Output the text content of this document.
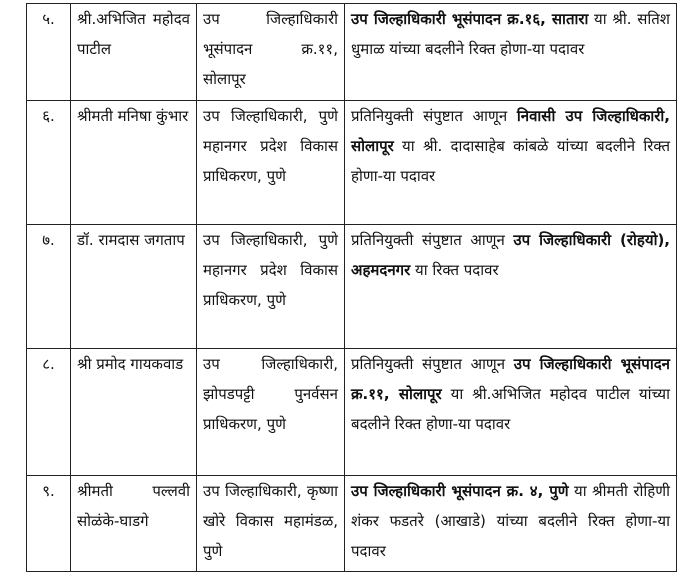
५.	श्री.अभिजित महोदव पाटील	उप जिल्हाधिकारी भूसंपादन क्र.११, सोलापूर	उप जिल्हाधिकारी भूसंपादन क्र.१६, सातारा या श्री. सतिश धुमाळ यांच्या बदलीने रिक्त होणा-या पदावर
६.	श्रीमती मनिषा कुंभार	उप जिल्हाधिकारी, पुणे महानगर प्रदेश विकास प्राधिकरण, पुणे	प्रतिनियुक्ती संपुष्टात आणून निवासी उप जिल्हाधिकारी, सोलापूर या श्री. दादासाहेब कांबळे यांच्या बदलीने रिक्त होणा-या पदावर
७.	डॉ. रामदास जगताप	उप जिल्हाधिकारी, पुणे महानगर प्रदेश विकास प्राधिकरण, पुणे	प्रतिनियुक्ती संपुष्टात आणून उप जिल्हाधिकारी (रोहयो), अहमदनगर या रिक्त पदावर
८.	श्री प्रमोद गायकवाड	उप जिल्हाधिकारी, झोपडपट्टी पुनर्वसन प्राधिकरण, पुणे	प्रतिनियुक्ती संपुष्टात आणून उप जिल्हाधिकारी भूसंपादन क्र.११, सोलापूर या श्री.अभिजित महोदव पाटील यांच्या बदलीने रिक्त होणा-या पदावर
९.	श्रीमती पल्लवी सोळंके-घाडगे	उप जिल्हाधिकारी, कृष्णा खोरे विकास महामंडळ, पुणे	उप जिल्हाधिकारी भूसंपादन क्र. ४, पुणे या श्रीमती रोहिणी शंकर फडतरे (आखाडे) यांच्या बदलीने रिक्त होणा-या पदावर
